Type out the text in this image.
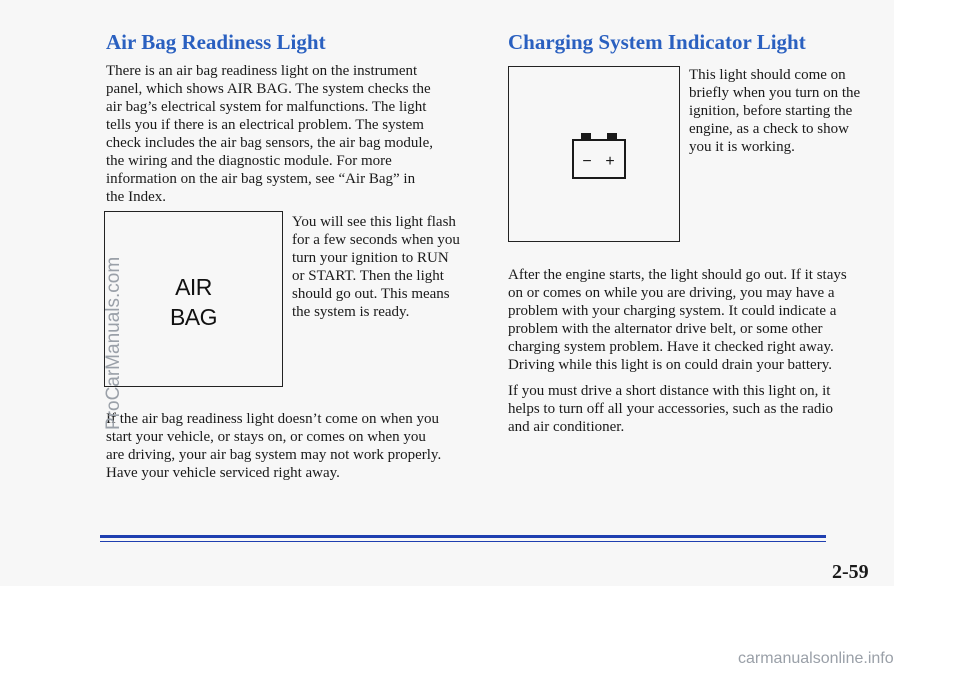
Air Bag Readiness Light
There is an air bag readiness light on the instrument
panel, which shows AIR BAG. The system checks the
air bag’s electrical system for malfunctions. The light
tells you if there is an electrical problem. The system
check includes the air bag sensors, the air bag module,
the wiring and the diagnostic module. For more
information on the air bag system, see “Air Bag” in
the Index.
AIR
BAG
You will see this light flash
for a few seconds when you
turn your ignition to RUN
or START. Then the light
should go out. This means
the system is ready.
If the air bag readiness light doesn’t come on when you
start your vehicle, or stays on, or comes on when you
are driving, your air bag system may not work properly.
Have your vehicle serviced right away.
Charging System Indicator Light
− +
This light should come on
briefly when you turn on the
ignition, before starting the
engine, as a check to show
you it is working.
After the engine starts, the light should go out. If it stays
on or comes on while you are driving, you may have a
problem with your charging system. It could indicate a
problem with the alternator drive belt, or some other
charging system problem. Have it checked right away.
Driving while this light is on could drain your battery.
If you must drive a short distance with this light on, it
helps to turn off all your accessories, such as the radio
and air conditioner.
2-59
ProCarManuals.com
carmanualsonline.info
